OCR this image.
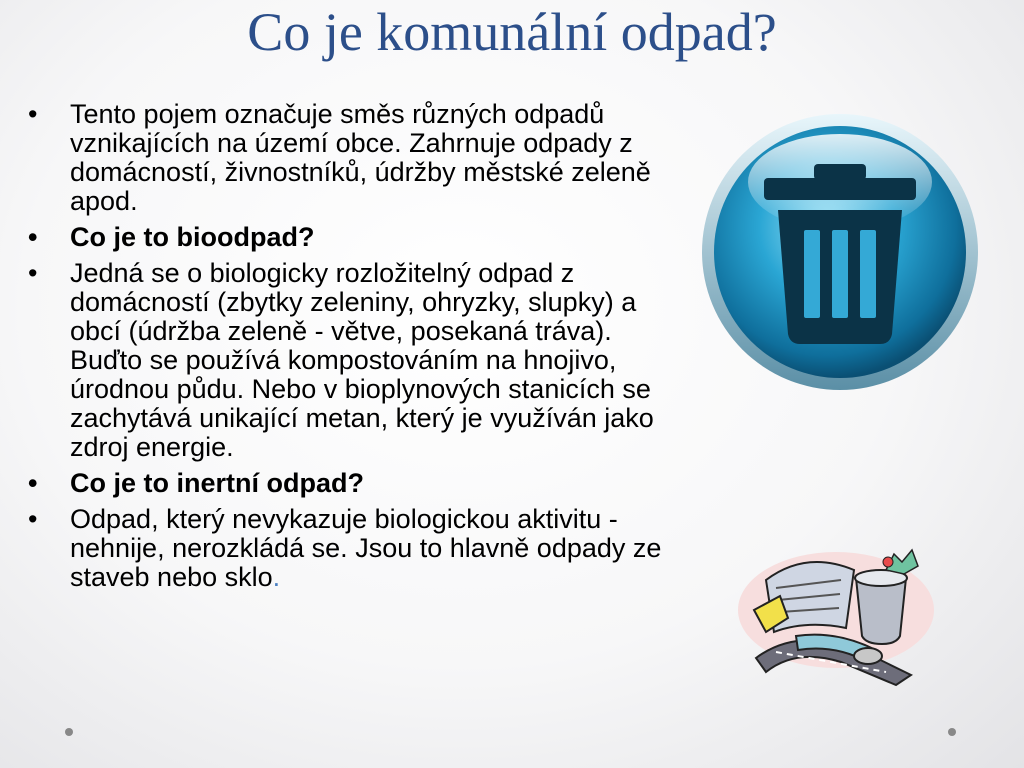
Co je komunální odpad?
• Tento pojem označuje směs různých odpadů vznikajících na území obce. Zahrnuje odpady z domácností, živnostníků, údržby městské zeleně apod.
• Co je to bioodpad?
• Jedná se o biologicky rozložitelný odpad z domácností (zbytky zeleniny, ohryzky, slupky) a obcí (údržba zeleně - větve, posekaná tráva). Buďto se používá kompostováním na hnojivo, úrodnou půdu. Nebo v bioplynových stanicích se zachytává unikající metan, který je využíván jako zdroj energie.
• Co je to inertní odpad?
• Odpad, který nevykazuje biologickou aktivitu - nehnije, nerozkládá se. Jsou to hlavně odpady ze staveb nebo sklo.
